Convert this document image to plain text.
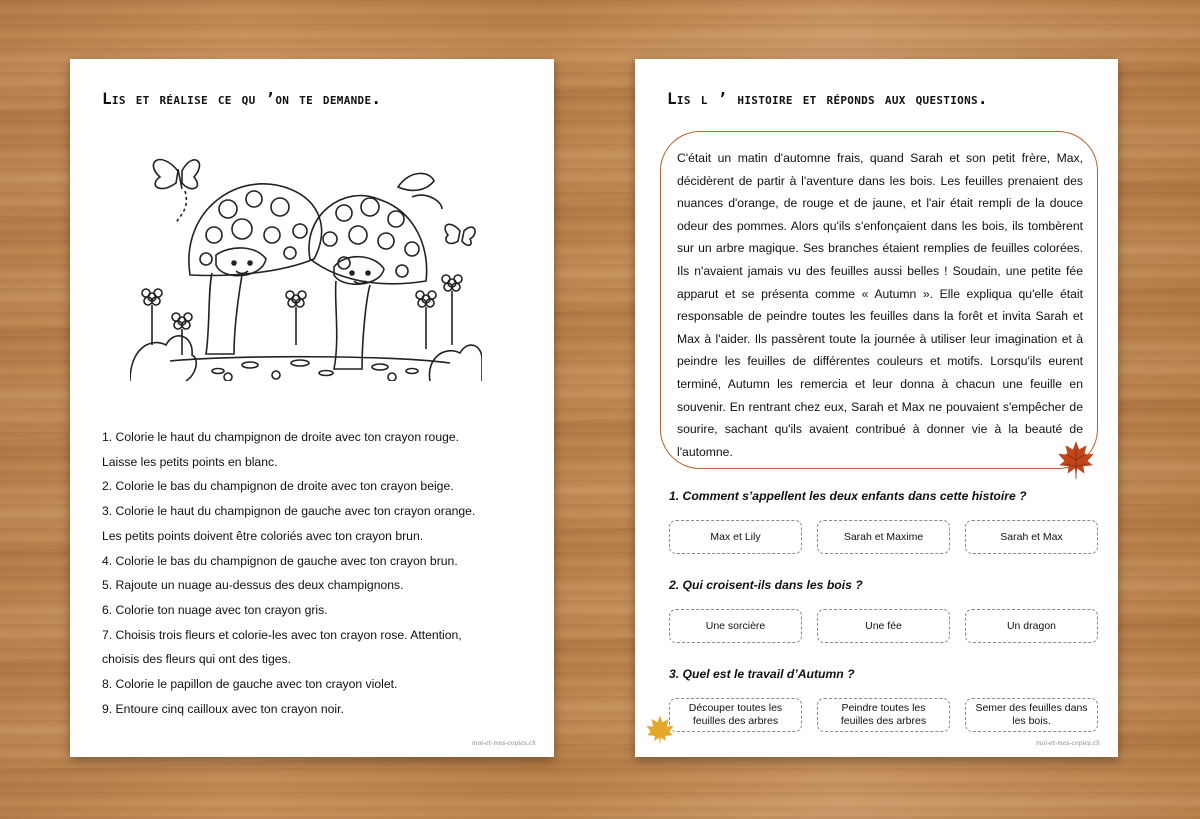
Lis et réalise ce qu ’on te demande.
1. Colorie le haut du champignon de droite avec ton crayon rouge.
Laisse les petits points en blanc.
2. Colorie le bas du champignon de droite avec ton crayon beige.
3. Colorie le haut du champignon de gauche avec ton crayon orange.
Les petits points doivent être coloriés avec ton crayon brun.
4. Colorie le bas du champignon de gauche avec ton crayon brun.
5. Rajoute un nuage au-dessus des deux champignons.
6. Colorie ton nuage avec ton crayon gris.
7. Choisis trois fleurs et colorie-les avec ton crayon rose. Attention,
choisis des fleurs qui ont des tiges.
8. Colorie le papillon de gauche avec ton crayon violet.
9. Entoure cinq cailloux avec ton crayon noir.
moi-et-mes-copies.ch
Lis l ’ histoire et réponds aux questions.
C'était un matin d'automne frais, quand Sarah et son petit frère, Max, décidèrent de partir à l'aventure dans les bois. Les feuilles prenaient des nuances d'orange, de rouge et de jaune, et l'air était rempli de la douce odeur des pommes. Alors qu'ils s'enfonçaient dans les bois, ils tombèrent sur un arbre magique. Ses branches étaient remplies de feuilles colorées. Ils n'avaient jamais vu des feuilles aussi belles ! Soudain, une petite fée apparut et se présenta comme « Autumn ». Elle expliqua qu'elle était responsable de peindre toutes les feuilles dans la forêt et invita Sarah et Max à l'aider. Ils passèrent toute la journée à utiliser leur imagination et à peindre les feuilles de différentes couleurs et motifs. Lorsqu'ils eurent terminé, Autumn les remercia et leur donna à chacun une feuille en souvenir. En rentrant chez eux, Sarah et Max ne pouvaient s'empêcher de sourire, sachant qu'ils avaient contribué à donner vie à la beauté de l'automne.
1. Comment s’appellent les deux enfants dans cette histoire ?
Max et Lily	Sarah et Maxime	Sarah et Max
2. Qui croisent-ils dans les bois ?
Une sorcière	Une fée	Un dragon
3. Quel est le travail d’Autumn ?
Découper toutes les feuilles des arbres
Peindre toutes les feuilles des arbres
Semer des feuilles dans les bois.
moi-et-mes-copies.ch
